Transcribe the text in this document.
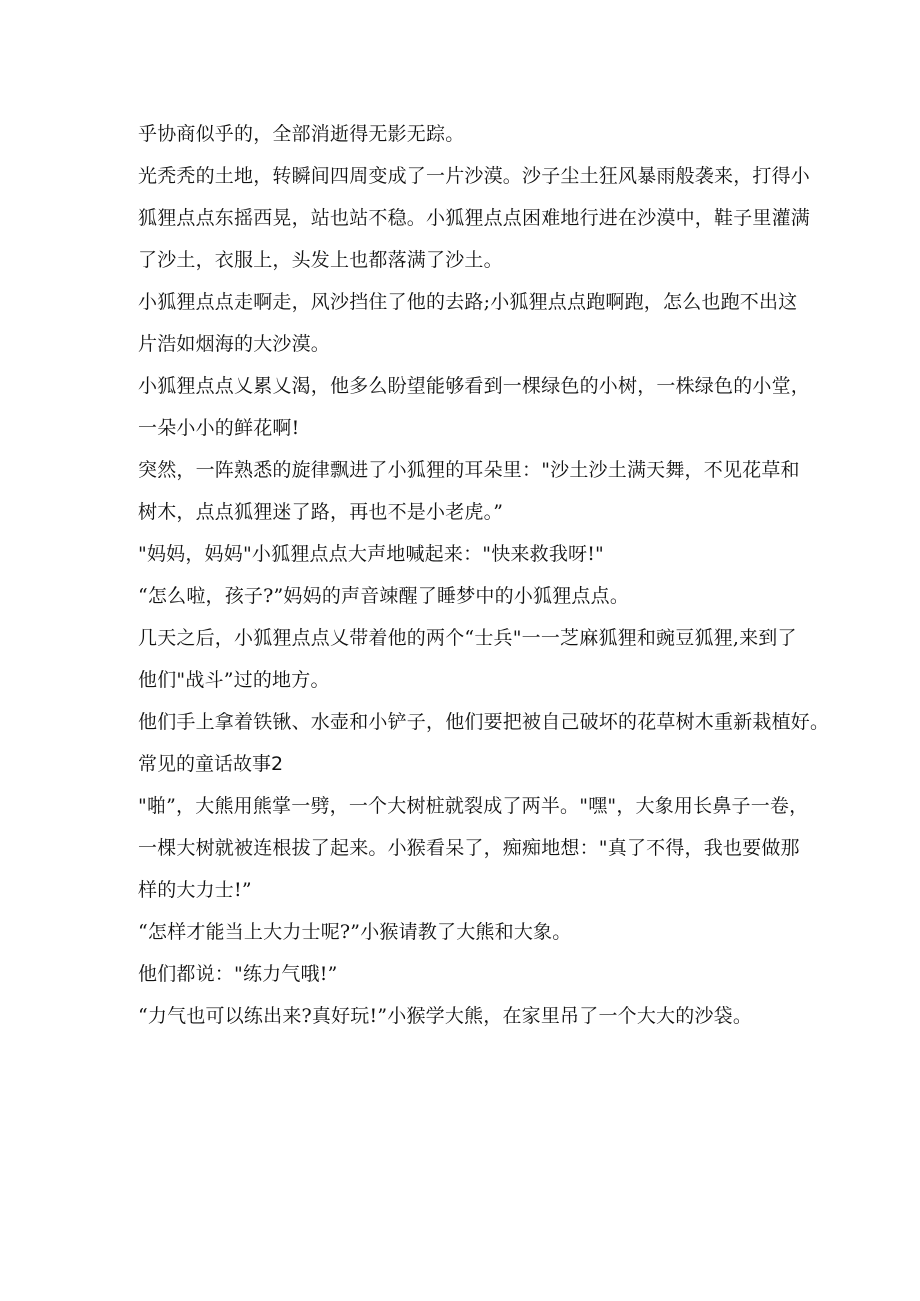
乎协商似乎的，全部消逝得无影无踪。
光秃秃的土地，转瞬间四周变成了一片沙漠。沙子尘土狂风暴雨般袭来，打得小
狐狸点点东摇西晃，站也站不稳。小狐狸点点困难地行进在沙漠中，鞋子里灌满
了沙土，衣服上，头发上也都落满了沙土。
小狐狸点点走啊走，风沙挡住了他的去路;小狐狸点点跑啊跑，怎么也跑不出这
片浩如烟海的大沙漠。
小狐狸点点乂累乂渴，他多么盼望能够看到一棵绿色的小树，一株绿色的小堂，
一朵小小的鲜花啊!
突然，一阵熟悉的旋律飘进了小狐狸的耳朵里："沙土沙土满天舞，不见花草和
树木，点点狐狸迷了路，再也不是小老虎。”
"妈妈，妈妈"小狐狸点点大声地喊起来："快来救我呀!"
“怎么啦，孩子?”妈妈的声音竦醒了睡梦中的小狐狸点点。
几天之后，小狐狸点点乂带着他的两个“士兵"一一芝麻狐狸和豌豆狐狸,来到了
他们"战斗”过的地方。
他们手上拿着铁锹、水壶和小铲子，他们要把被自己破坏的花草树木重新栽植好。
常见的童话故事2
"啪”，大熊用熊掌一劈，一个大树桩就裂成了两半。"嘿"，大象用长鼻子一卷，
一棵大树就被连根拔了起来。小猴看呆了，痴痴地想："真了不得，我也要做那
样的大力士!”
“怎样才能当上大力士呢?”小猴请教了大熊和大象。
他们都说："练力气哦!”
“力气也可以练出来?真好玩!”小猴学大熊，在家里吊了一个大大的沙袋。
